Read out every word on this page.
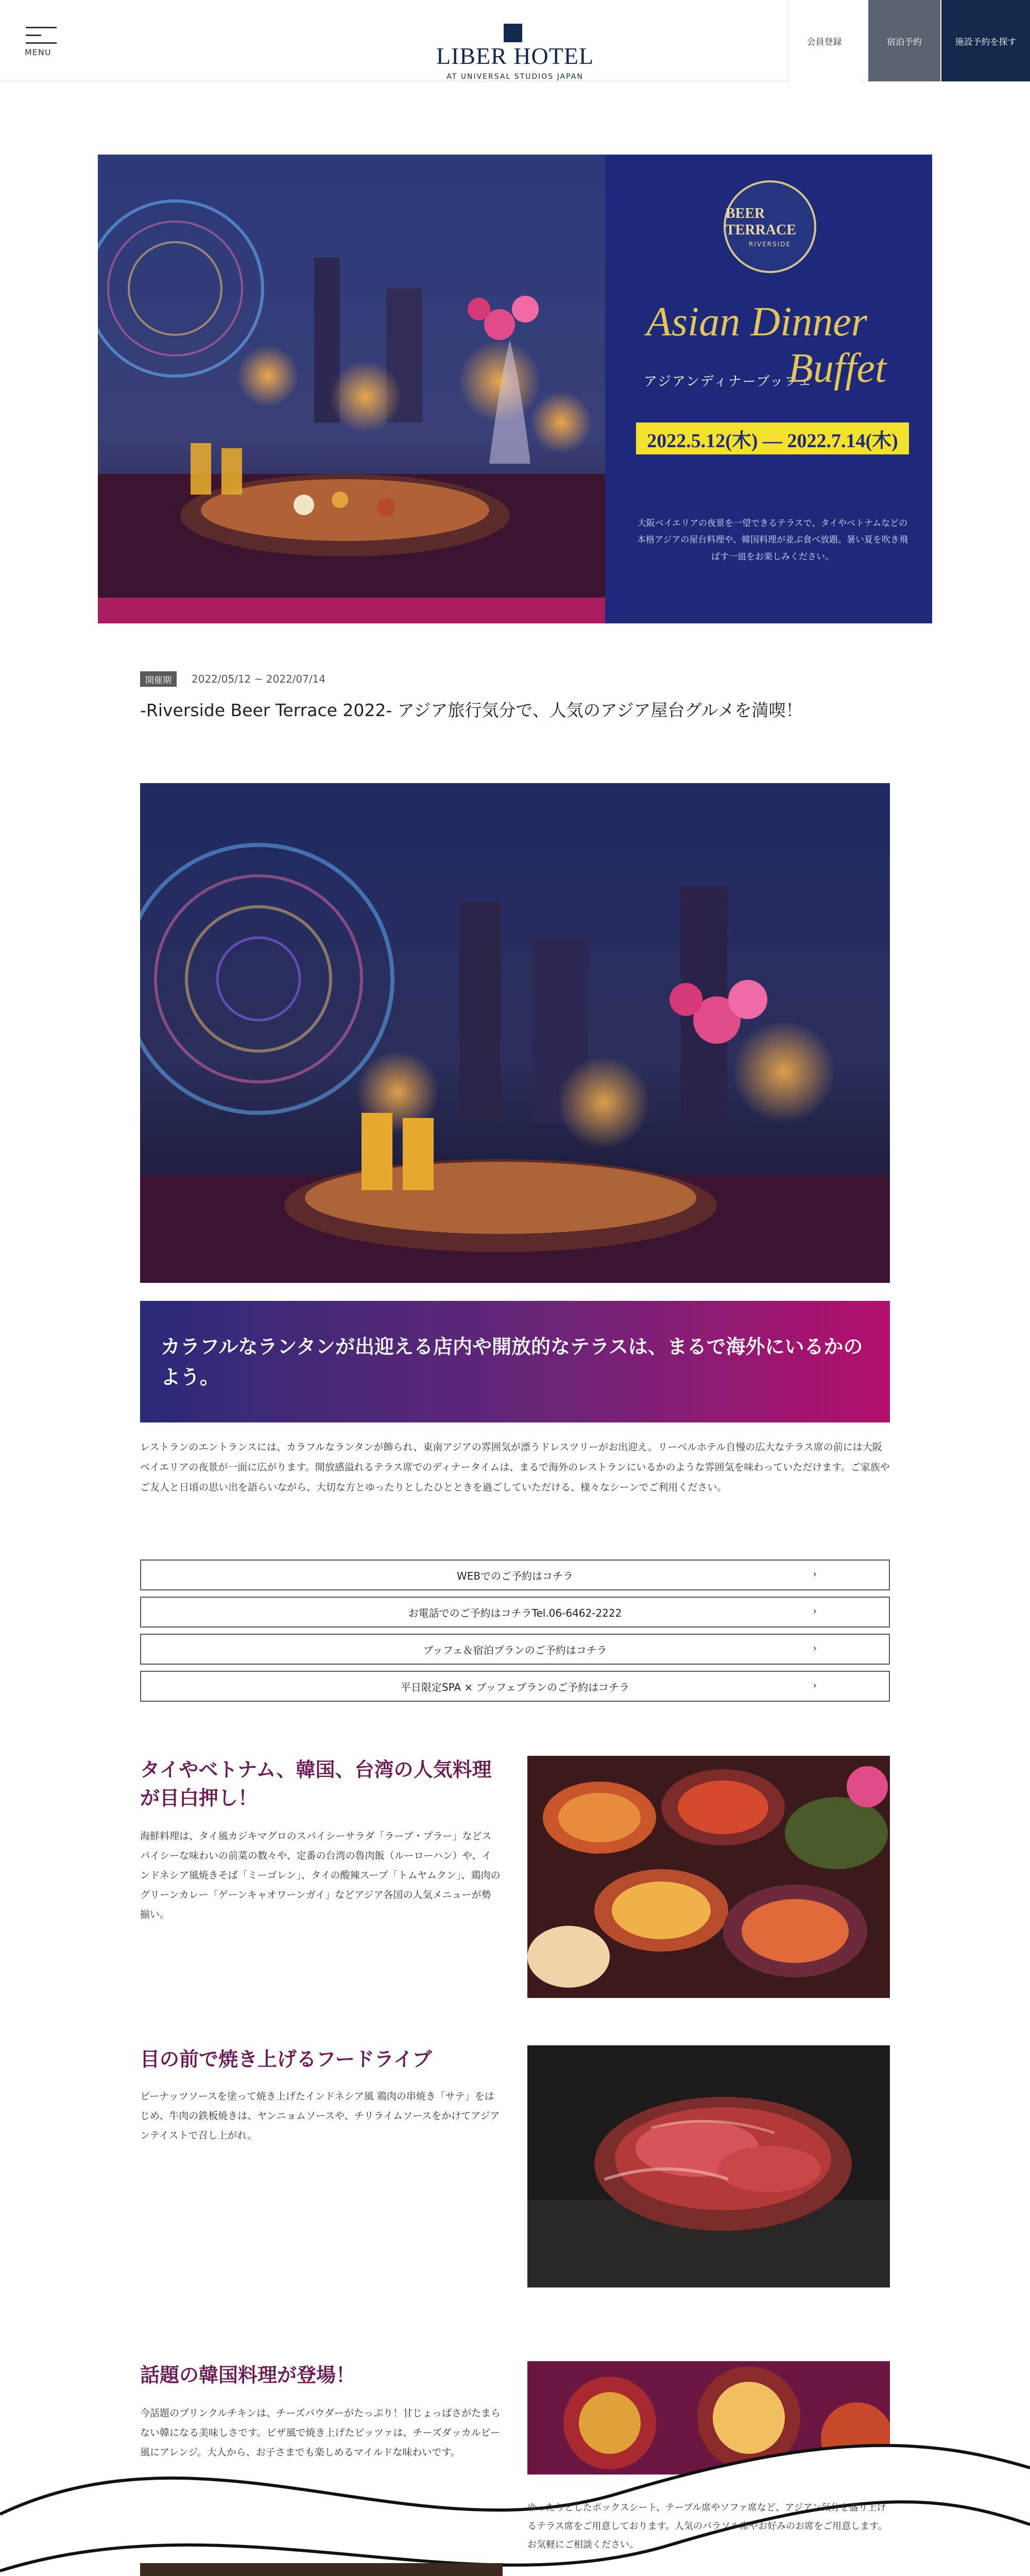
MENU	LIBER HOTEL
AT UNIVERSAL STUDIOS JAPAN
会員登録	宿泊予約	施設予約を探す
BEER TERRACE
RIVERSIDE
Asian Dinner
アジアンディナーブッフェ
Buffet
2022.5.12(木) — 2022.7.14(木)
大阪ベイエリアの夜景を一望できるテラスで、タイやベトナムなどの本格アジアの屋台料理や、韓国料理が並ぶ食べ放題。暑い夏を吹き飛ばす一皿をお楽しみください。
開催期	2022/05/12 ~ 2022/07/14
-Riverside Beer Terrace 2022- アジア旅行気分で、人気のアジア屋台グルメを満喫！
カラフルなランタンが出迎える店内や開放的なテラスは、まるで海外にいるかのよう。
レストランのエントランスには、カラフルなランタンが飾られ、東南アジアの雰囲気が漂うドレスツリーがお出迎え。リーベルホテル自慢の広大なテラス席の前には大阪ベイエリアの夜景が一面に広がります。開放感溢れるテラス席でのディナータイムは、まるで海外のレストランにいるかのような雰囲気を味わっていただけます。ご家族やご友人と日頃の思い出を語らいながら、大切な方とゆったりとしたひとときを過ごしていただける、様々なシーンでご利用ください。
WEBでのご予約はコチラ	›
お電話でのご予約はコチラTel.06-6462-2222	›
ブッフェ＆宿泊プランのご予約はコチラ	›
平日限定SPA × ブッフェプランのご予約はコチラ	›
タイやベトナム、韓国、台湾の人気料理が目白押し！
海鮮料理は、タイ風カジキマグロのスパイシーサラダ「ラーブ・プラー」などスパイシーな味わいの前菜の数々や、定番の台湾の魯肉飯（ルーローハン）や、インドネシア風焼きそば「ミーゴレン」、タイの酸辣スープ「トムヤムクン」、鶏肉のグリーンカレー「ゲーンキャオワーンガイ」などアジア各国の人気メニューが勢揃い。
目の前で焼き上げるフードライブ
ピーナッツソースを塗って焼き上げたインドネシア風 鶏肉の串焼き「サテ」をはじめ、牛肉の鉄板焼きは、ヤンニョムソースや、チリライムソースをかけてアジアンテイストで召し上がれ。
話題の韓国料理が登場！
今話題のプリンクルチキンは、チーズパウダーがたっぷり！甘じょっぱさがたまらない韓になる美味しさです。ビザ風で焼き上げたピッツァは、チーズダッカルビー風にアレンジ。大人から、お子さまでも楽しめるマイルドな味わいです。
ゆったりとしたボックスシート、テーブル席やソファ席など、アジアン気分を盛り上げるテラス席をご用意しております。人気のパラソル席やお好みのお席をご用意します。お気軽にご相談ください。
